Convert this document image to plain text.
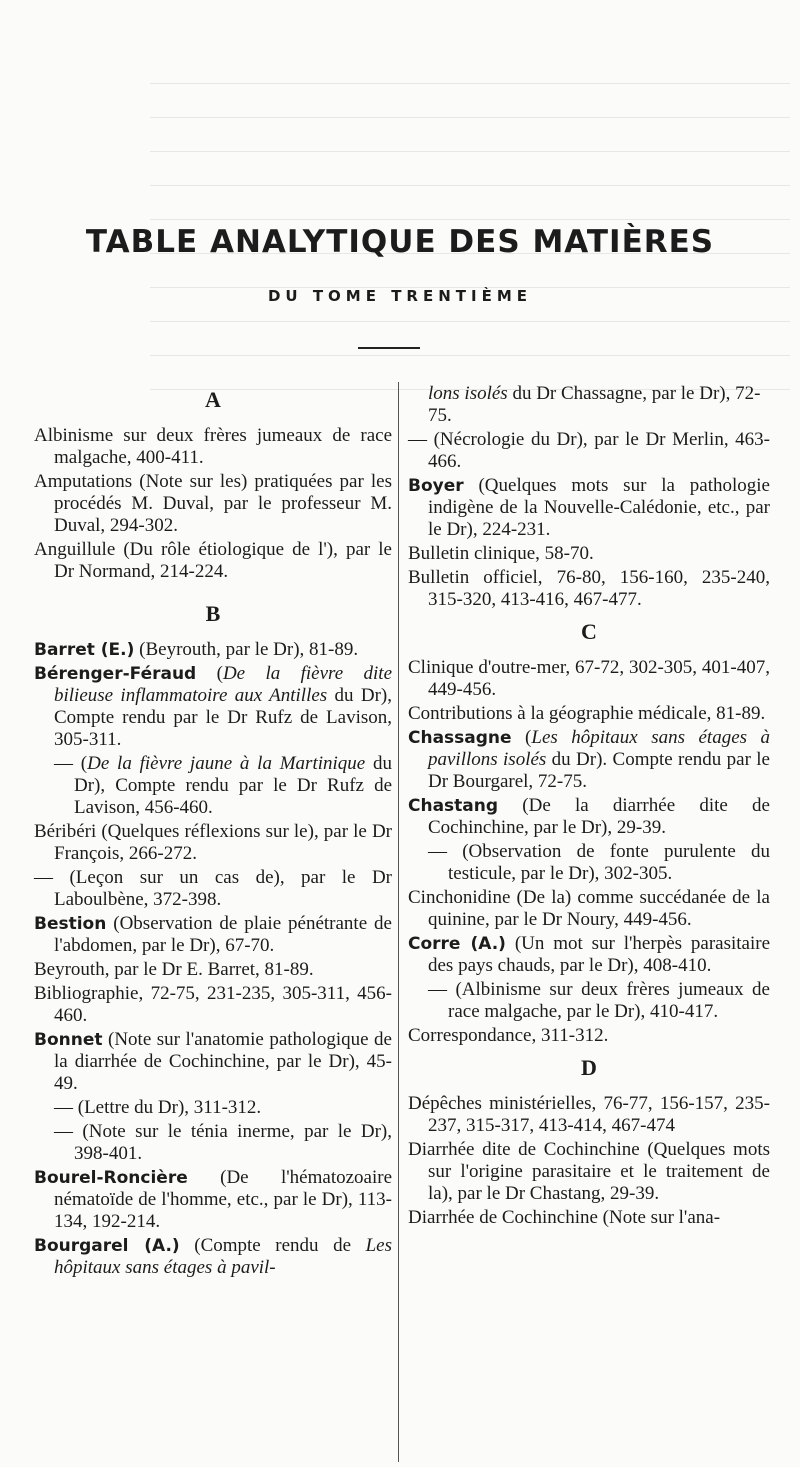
TABLE ANALYTIQUE DES MATIÈRES
DU TOME TRENTIÈME
A

Albinisme sur deux frères jumeaux de race malgache, 400-411.

Amputations (Note sur les) pratiquées par les procédés M. Duval, par le professeur M. Duval, 294-302.

Anguillule (Du rôle étiologique de l'), par le Dr Normand, 214-224.

B

Barret (E.) (Beyrouth, par le Dr), 81-89.

Bérenger-Féraud (De la fièvre dite bilieuse inflammatoire aux Antilles du Dr), Compte rendu par le Dr Rufz de Lavison, 305-311.

— (De la fièvre jaune à la Martinique du Dr), Compte rendu par le Dr Rufz de Lavison, 456-460.

Béribéri (Quelques réflexions sur le), par le Dr François, 266-272.

— (Leçon sur un cas de), par le Dr Laboulbène, 372-398.

Bestion (Observation de plaie pénétrante de l'abdomen, par le Dr), 67-70.

Beyrouth, par le Dr E. Barret, 81-89.

Bibliographie, 72-75, 231-235, 305-311, 456-460.

Bonnet (Note sur l'anatomie pathologique de la diarrhée de Cochinchine, par le Dr), 45-49.

— (Lettre du Dr), 311-312.

— (Note sur le ténia inerme, par le Dr), 398-401.

Bourel-Roncière (De l'hématozoaire nématoïde de l'homme, etc., par le Dr), 113-134, 192-214.

Bourgarel (A.) (Compte rendu de Les hôpitaux sans étages à pavil-

lons isolés du Dr Chassagne, par le Dr), 72-75.

— (Nécrologie du Dr), par le Dr Merlin, 463-466.

Boyer (Quelques mots sur la pathologie indigène de la Nouvelle-Calédonie, etc., par le Dr), 224-231.

Bulletin clinique, 58-70.

Bulletin officiel, 76-80, 156-160, 235-240, 315-320, 413-416, 467-477.

C

Clinique d'outre-mer, 67-72, 302-305, 401-407, 449-456.

Contributions à la géographie médicale, 81-89.

Chassagne (Les hôpitaux sans étages à pavillons isolés du Dr). Compte rendu par le Dr Bourgarel, 72-75.

Chastang (De la diarrhée dite de Cochinchine, par le Dr), 29-39.

— (Observation de fonte purulente du testicule, par le Dr), 302-305.

Cinchonidine (De la) comme succédanée de la quinine, par le Dr Noury, 449-456.

Corre (A.) (Un mot sur l'herpès parasitaire des pays chauds, par le Dr), 408-410.

— (Albinisme sur deux frères jumeaux de race malgache, par le Dr), 410-417.

Correspondance, 311-312.

D

Dépêches ministérielles, 76-77, 156-157, 235-237, 315-317, 413-414, 467-474

Diarrhée dite de Cochinchine (Quelques mots sur l'origine parasitaire et le traitement de la), par le Dr Chastang, 29-39.

Diarrhée de Cochinchine (Note sur l'ana-
